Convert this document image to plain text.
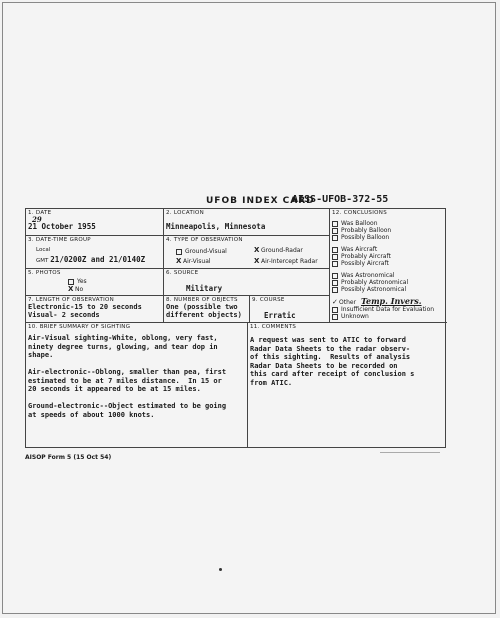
UFOB INDEX CARD
AISS-UFOB-372-55
1. DATE
29
21 October 1955
2. LOCATION
Minneapolis, Minnesota
3. DATE-TIME GROUP
Local
GMT 21/0200Z and 21/0140Z
4. TYPE OF OBSERVATION
Ground-Visual
X Air-Visual
X Ground-Radar
X Air-Intercept Radar
5. PHOTOS
Yes
X No
6. SOURCE
Military
7. LENGTH OF OBSERVATION
Electronic-15 to 20 seconds
Visual- 2 seconds
8. NUMBER OF OBJECTS
One (possible two
different objects)
9. COURSE
Erratic
10. BRIEF SUMMARY OF SIGHTING
Air-Visual sighting-White, oblong, very fast,
ninety degree turns, glowing, and tear dop in
shape.

Air-electronic--Oblong, smaller than pea, first
estimated to be at 7 miles distance.  In 15 or
20 seconds it appeared to be at 15 miles.

Ground-electronic--Object estimated to be going
at speeds of about 1000 knots.
11. COMMENTS
A request was sent to ATIC to forward
Radar Data Sheets to the radar observ-
of this sighting.  Results of analysis
Radar Data Sheets to be recorded on
this card after receipt of conclusion s
from ATIC.
12. CONCLUSIONS
Was Balloon
Probably Balloon
Possibly Balloon
Was Aircraft
Probably Aircraft
Possibly Aircraft
Was Astronomical
Probably Astronomical
Possibly Astronomical
✓Other Temp. Invers.
Insufficient Data for Evaluation
Unknown
AISOP Form 5 (15 Oct 54)
